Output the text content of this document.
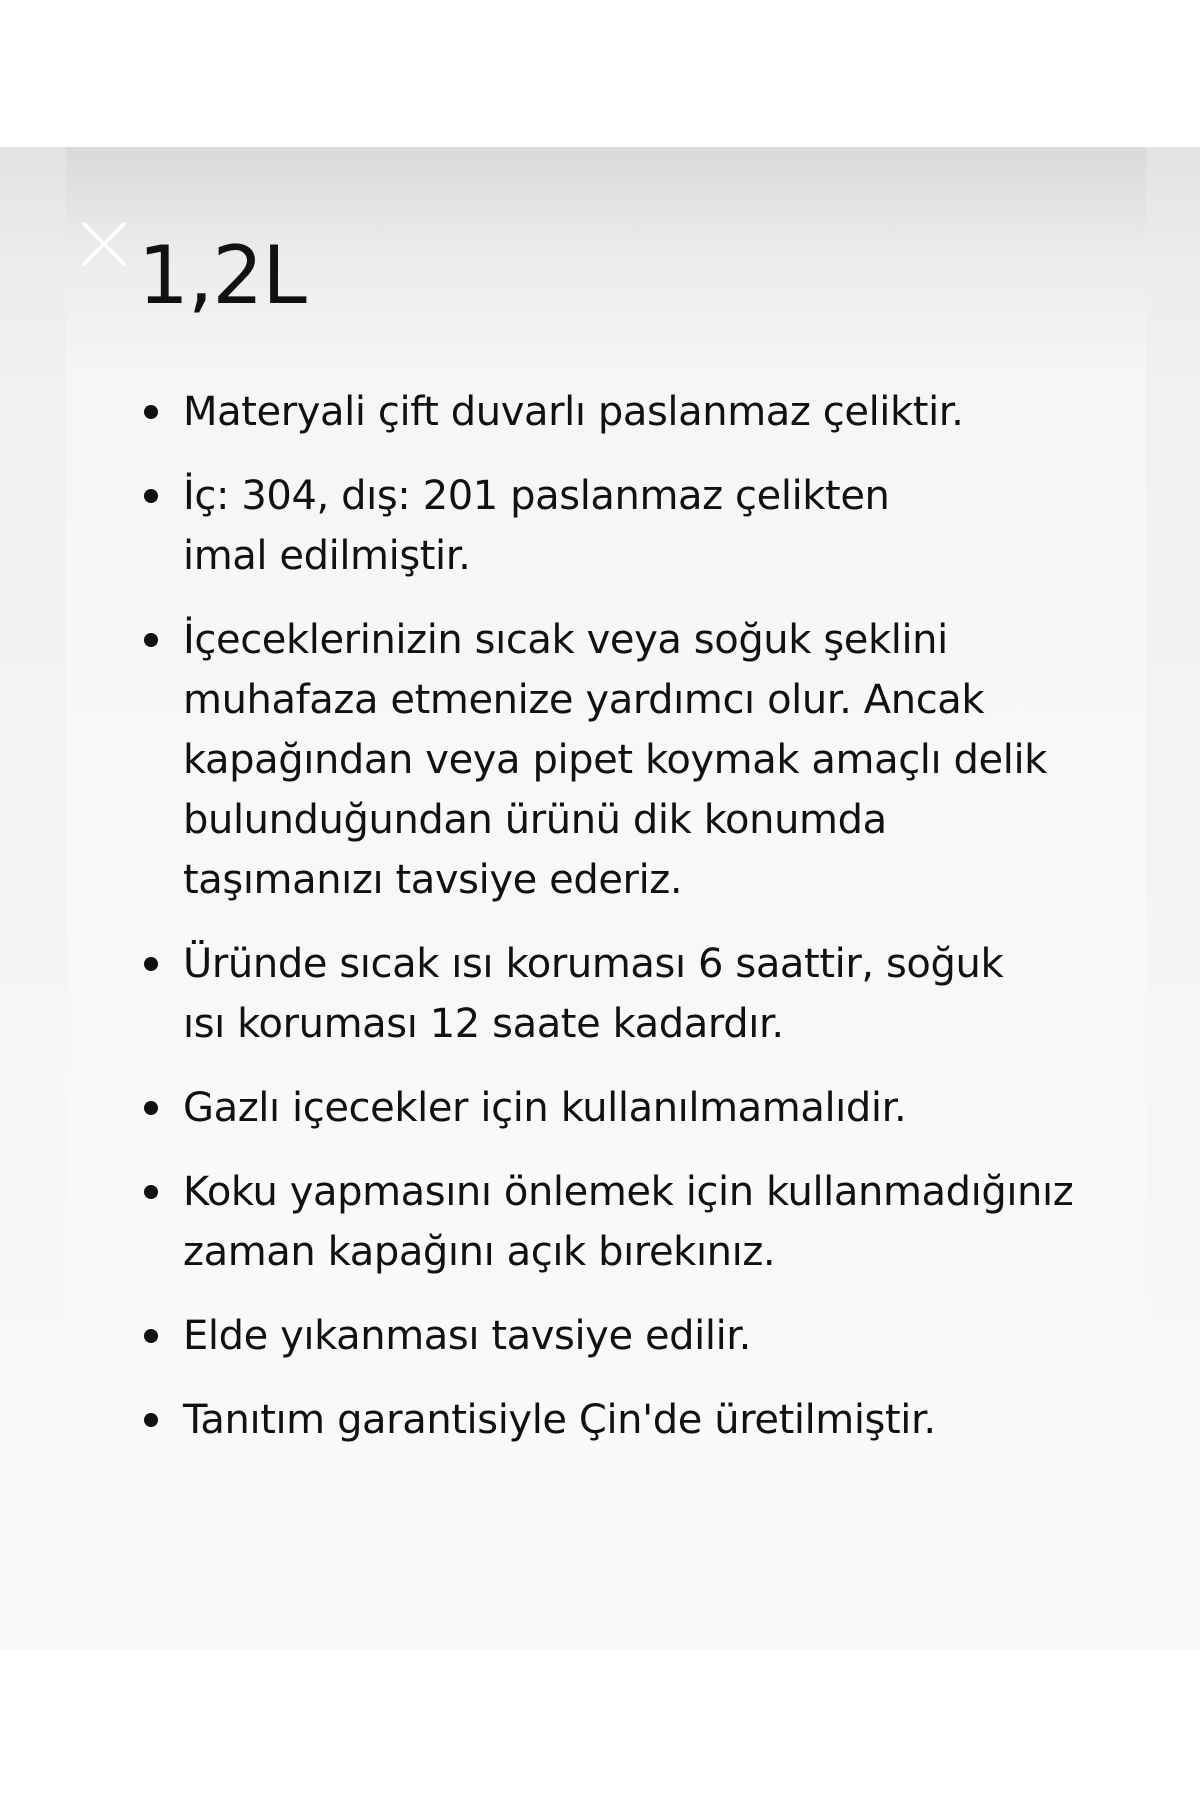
1,2L
Materyali çift duvarlı paslanmaz çeliktir.
İç: 304, dış: 201 paslanmaz çelikten
imal edilmiştir.
İçeceklerinizin sıcak veya soğuk şeklini
muhafaza etmenize yardımcı olur. Ancak
kapağından veya pipet koymak amaçlı delik
bulunduğundan ürünü dik konumda
taşımanızı tavsiye ederiz.
Üründe sıcak ısı koruması 6 saattir, soğuk
ısı koruması 12 saate kadardır.
Gazlı içecekler için kullanılmamalıdir.
Koku yapmasını önlemek için kullanmadığınız
zaman kapağını açık bırekınız.
Elde yıkanması tavsiye edilir.
Tanıtım garantisiyle Çin'de üretilmiştir.
